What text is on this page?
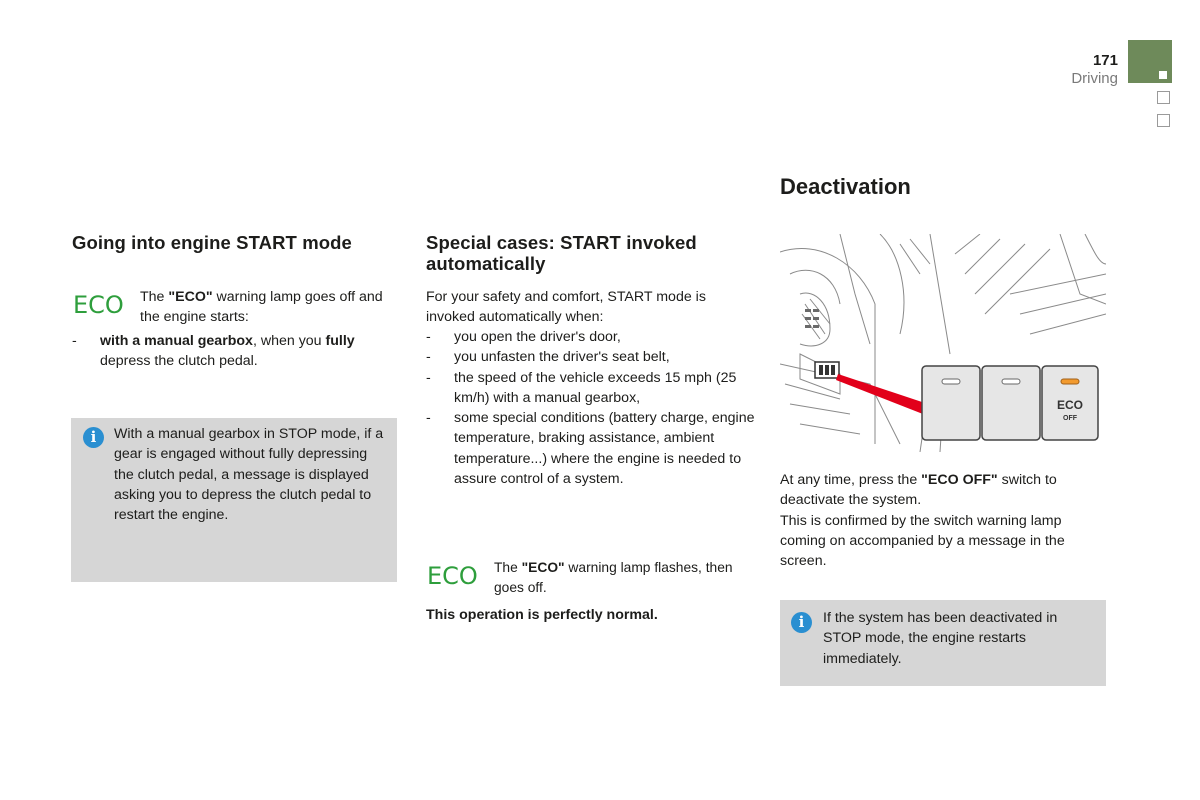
171
Driving
Going into engine START mode
ECO The "ECO" warning lamp goes off and the engine starts:
-	with a manual gearbox, when you fully depress the clutch pedal.
i	With a manual gearbox in STOP mode, if a gear is engaged without fully depressing the clutch pedal, a message is displayed asking you to depress the clutch pedal to restart the engine.
Special cases: START invoked automatically
For your safety and comfort, START mode is invoked automatically when:
-	you open the driver's door,
-	you unfasten the driver's seat belt,
-	the speed of the vehicle exceeds 15 mph (25 km/h) with a manual gearbox,
-	some special conditions (battery charge, engine temperature, braking assistance, ambient temperature...) where the engine is needed to assure control of a system.
ECO The "ECO" warning lamp flashes, then goes off.
This operation is perfectly normal.
Deactivation
ECO
OFF
At any time, press the "ECO OFF" switch to deactivate the system.
This is confirmed by the switch warning lamp coming on accompanied by a message in the screen.
i	If the system has been deactivated in STOP mode, the engine restarts immediately.
